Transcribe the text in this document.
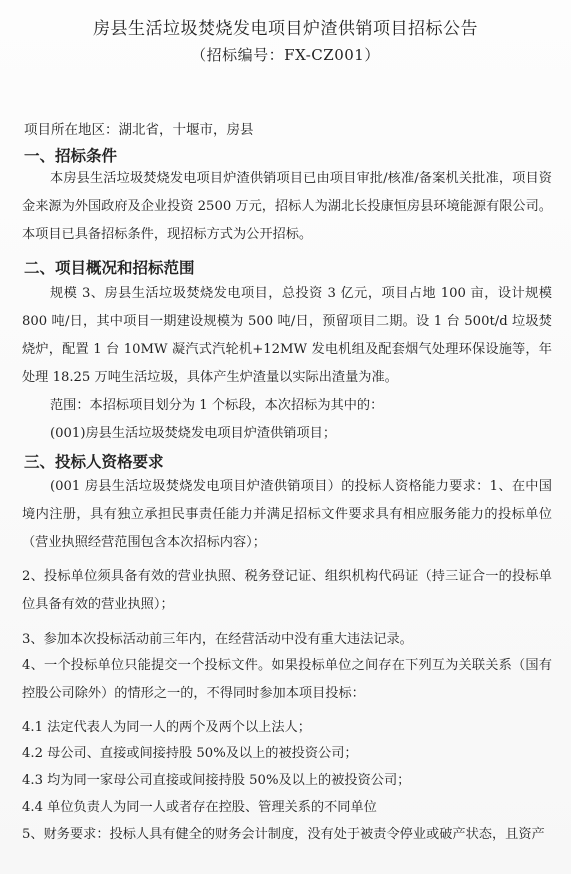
房县生活垃圾焚烧发电项目炉渣供销项目招标公告
（招标编号：FX-CZ001）
项目所在地区：湖北省，十堰市，房县
一、招标条件
本房县生活垃圾焚烧发电项目炉渣供销项目已由项目审批/核准/备案机关批准，项目资金来源为外国政府及企业投资 2500 万元，招标人为湖北长投康恒房县环境能源有限公司。本项目已具备招标条件，现招标方式为公开招标。
二、项目概况和招标范围
规模 3、房县生活垃圾焚烧发电项目，总投资 3 亿元，项目占地 100 亩，设计规模 800 吨/日，其中项目一期建设规模为 500 吨/日，预留项目二期。设 1 台 500t/d 垃圾焚烧炉，配置 1 台 10MW 凝汽式汽轮机+12MW 发电机组及配套烟气处理环保设施等，年处理 18.25 万吨生活垃圾，具体产生炉渣量以实际出渣量为准。
范围：本招标项目划分为 1 个标段，本次招标为其中的：
(001)房县生活垃圾焚烧发电项目炉渣供销项目；
三、投标人资格要求
(001 房县生活垃圾焚烧发电项目炉渣供销项目）的投标人资格能力要求：1、在中国境内注册，具有独立承担民事责任能力并满足招标文件要求具有相应服务能力的投标单位（营业执照经营范围包含本次招标内容）；
2、投标单位须具备有效的营业执照、税务登记证、组织机构代码证（持三证合一的投标单位具备有效的营业执照）；
3、参加本次投标活动前三年内，在经营活动中没有重大违法记录。
4、一个投标单位只能提交一个投标文件。如果投标单位之间存在下列互为关联关系（国有控股公司除外）的情形之一的，不得同时参加本项目投标：
4.1 法定代表人为同一人的两个及两个以上法人；
4.2 母公司、直接或间接持股 50%及以上的被投资公司；
4.3 均为同一家母公司直接或间接持股 50%及以上的被投资公司；
4.4 单位负责人为同一人或者存在控股、管理关系的不同单位
5、财务要求：投标人具有健全的财务会计制度，没有处于被责令停业或破产状态，且资产
